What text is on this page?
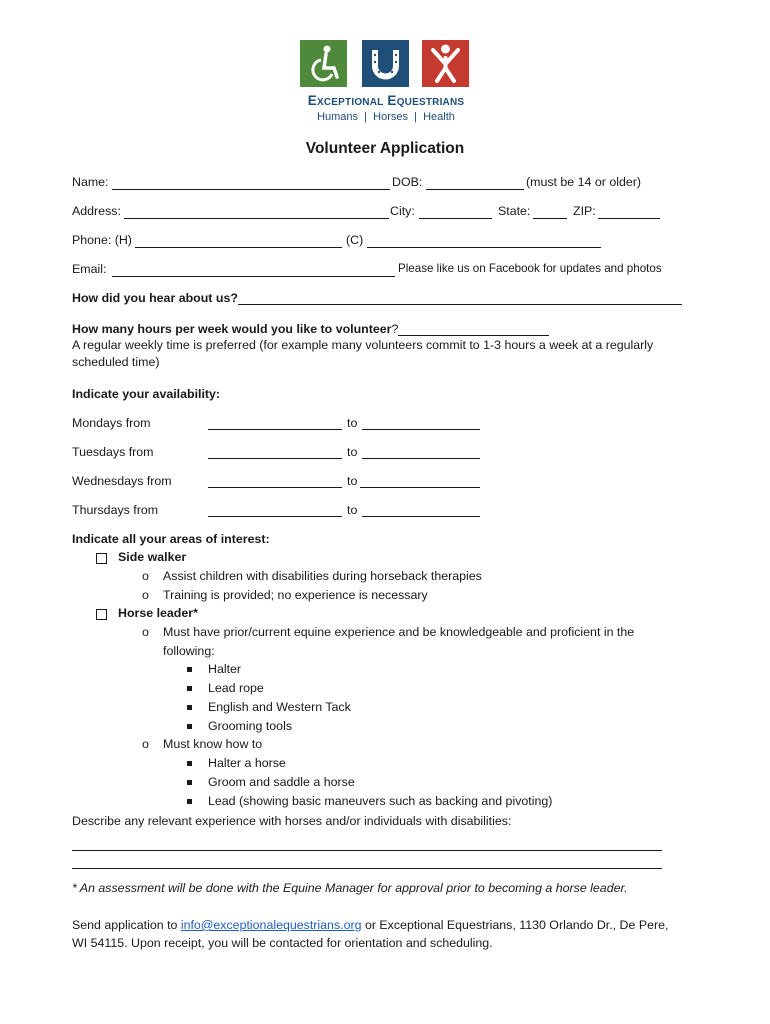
Exceptional Equestrians
Humans | Horses | Health
Volunteer Application
Name:	DOB:	(must be 14 or older)
Address:	City:	State:	ZIP:
Phone: (H)	(C)
Email:	Please like us on Facebook for updates and photos
How did you hear about us?
How many hours per week would you like to volunteer?
A regular weekly time is preferred (for example many volunteers commit to 1-3 hours a week at a regularly
scheduled time)
Indicate your availability:
Mondays from	to
Tuesdays from	to
Wednesdays from	to
Thursdays from	to
Indicate all your areas of interest:
Side walker
o Assist children with disabilities during horseback therapies
o Training is provided; no experience is necessary
Horse leader*
o Must have prior/current equine experience and be knowledgeable and proficient in the
following:
Halter
Lead rope
English and Western Tack
Grooming tools
o Must know how to
Halter a horse
Groom and saddle a horse
Lead (showing basic maneuvers such as backing and pivoting)
Describe any relevant experience with horses and/or individuals with disabilities:
* An assessment will be done with the Equine Manager for approval prior to becoming a horse leader.
Send application to info@exceptionalequestrians.org or Exceptional Equestrians, 1130 Orlando Dr., De Pere,
WI 54115. Upon receipt, you will be contacted for orientation and scheduling.
